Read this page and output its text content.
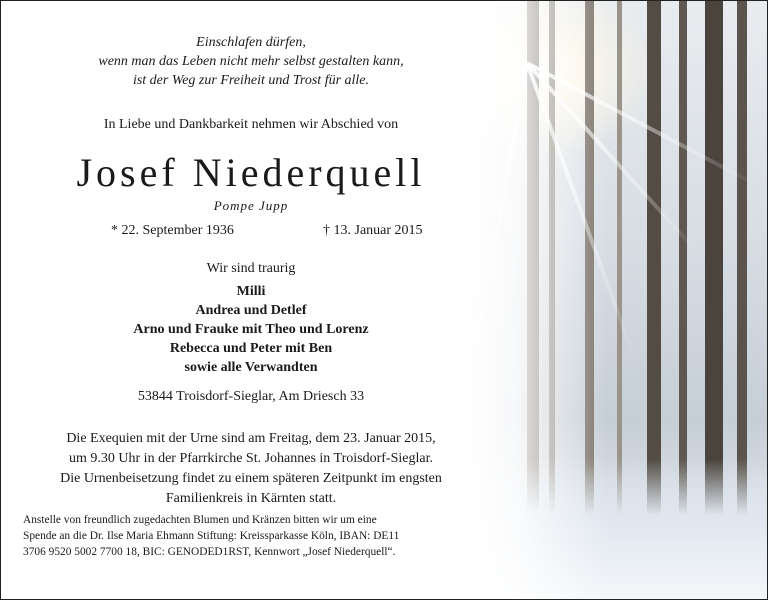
Einschlafen dürfen,
wenn man das Leben nicht mehr selbst gestalten kann,
ist der Weg zur Freiheit und Trost für alle.
In Liebe und Dankbarkeit nehmen wir Abschied von
Josef Niederquell
Pompe Jupp
* 22. September 1936	† 13. Januar 2015
Wir sind traurig
Milli
Andrea und Detlef
Arno und Frauke mit Theo und Lorenz
Rebecca und Peter mit Ben
sowie alle Verwandten
53844 Troisdorf-Sieglar, Am Driesch 33
Die Exequien mit der Urne sind am Freitag, dem 23. Januar 2015,
um 9.30 Uhr in der Pfarrkirche St. Johannes in Troisdorf-Sieglar.
Die Urnenbeisetzung findet zu einem späteren Zeitpunkt im engsten
Familienkreis in Kärnten statt.
Anstelle von freundlich zugedachten Blumen und Kränzen bitten wir um eine
Spende an die Dr. Ilse Maria Ehmann Stiftung: Kreissparkasse Köln, IBAN: DE11
3706 9520 5002 7700 18, BIC: GENODED1RST, Kennwort „Josef Niederquell“.
